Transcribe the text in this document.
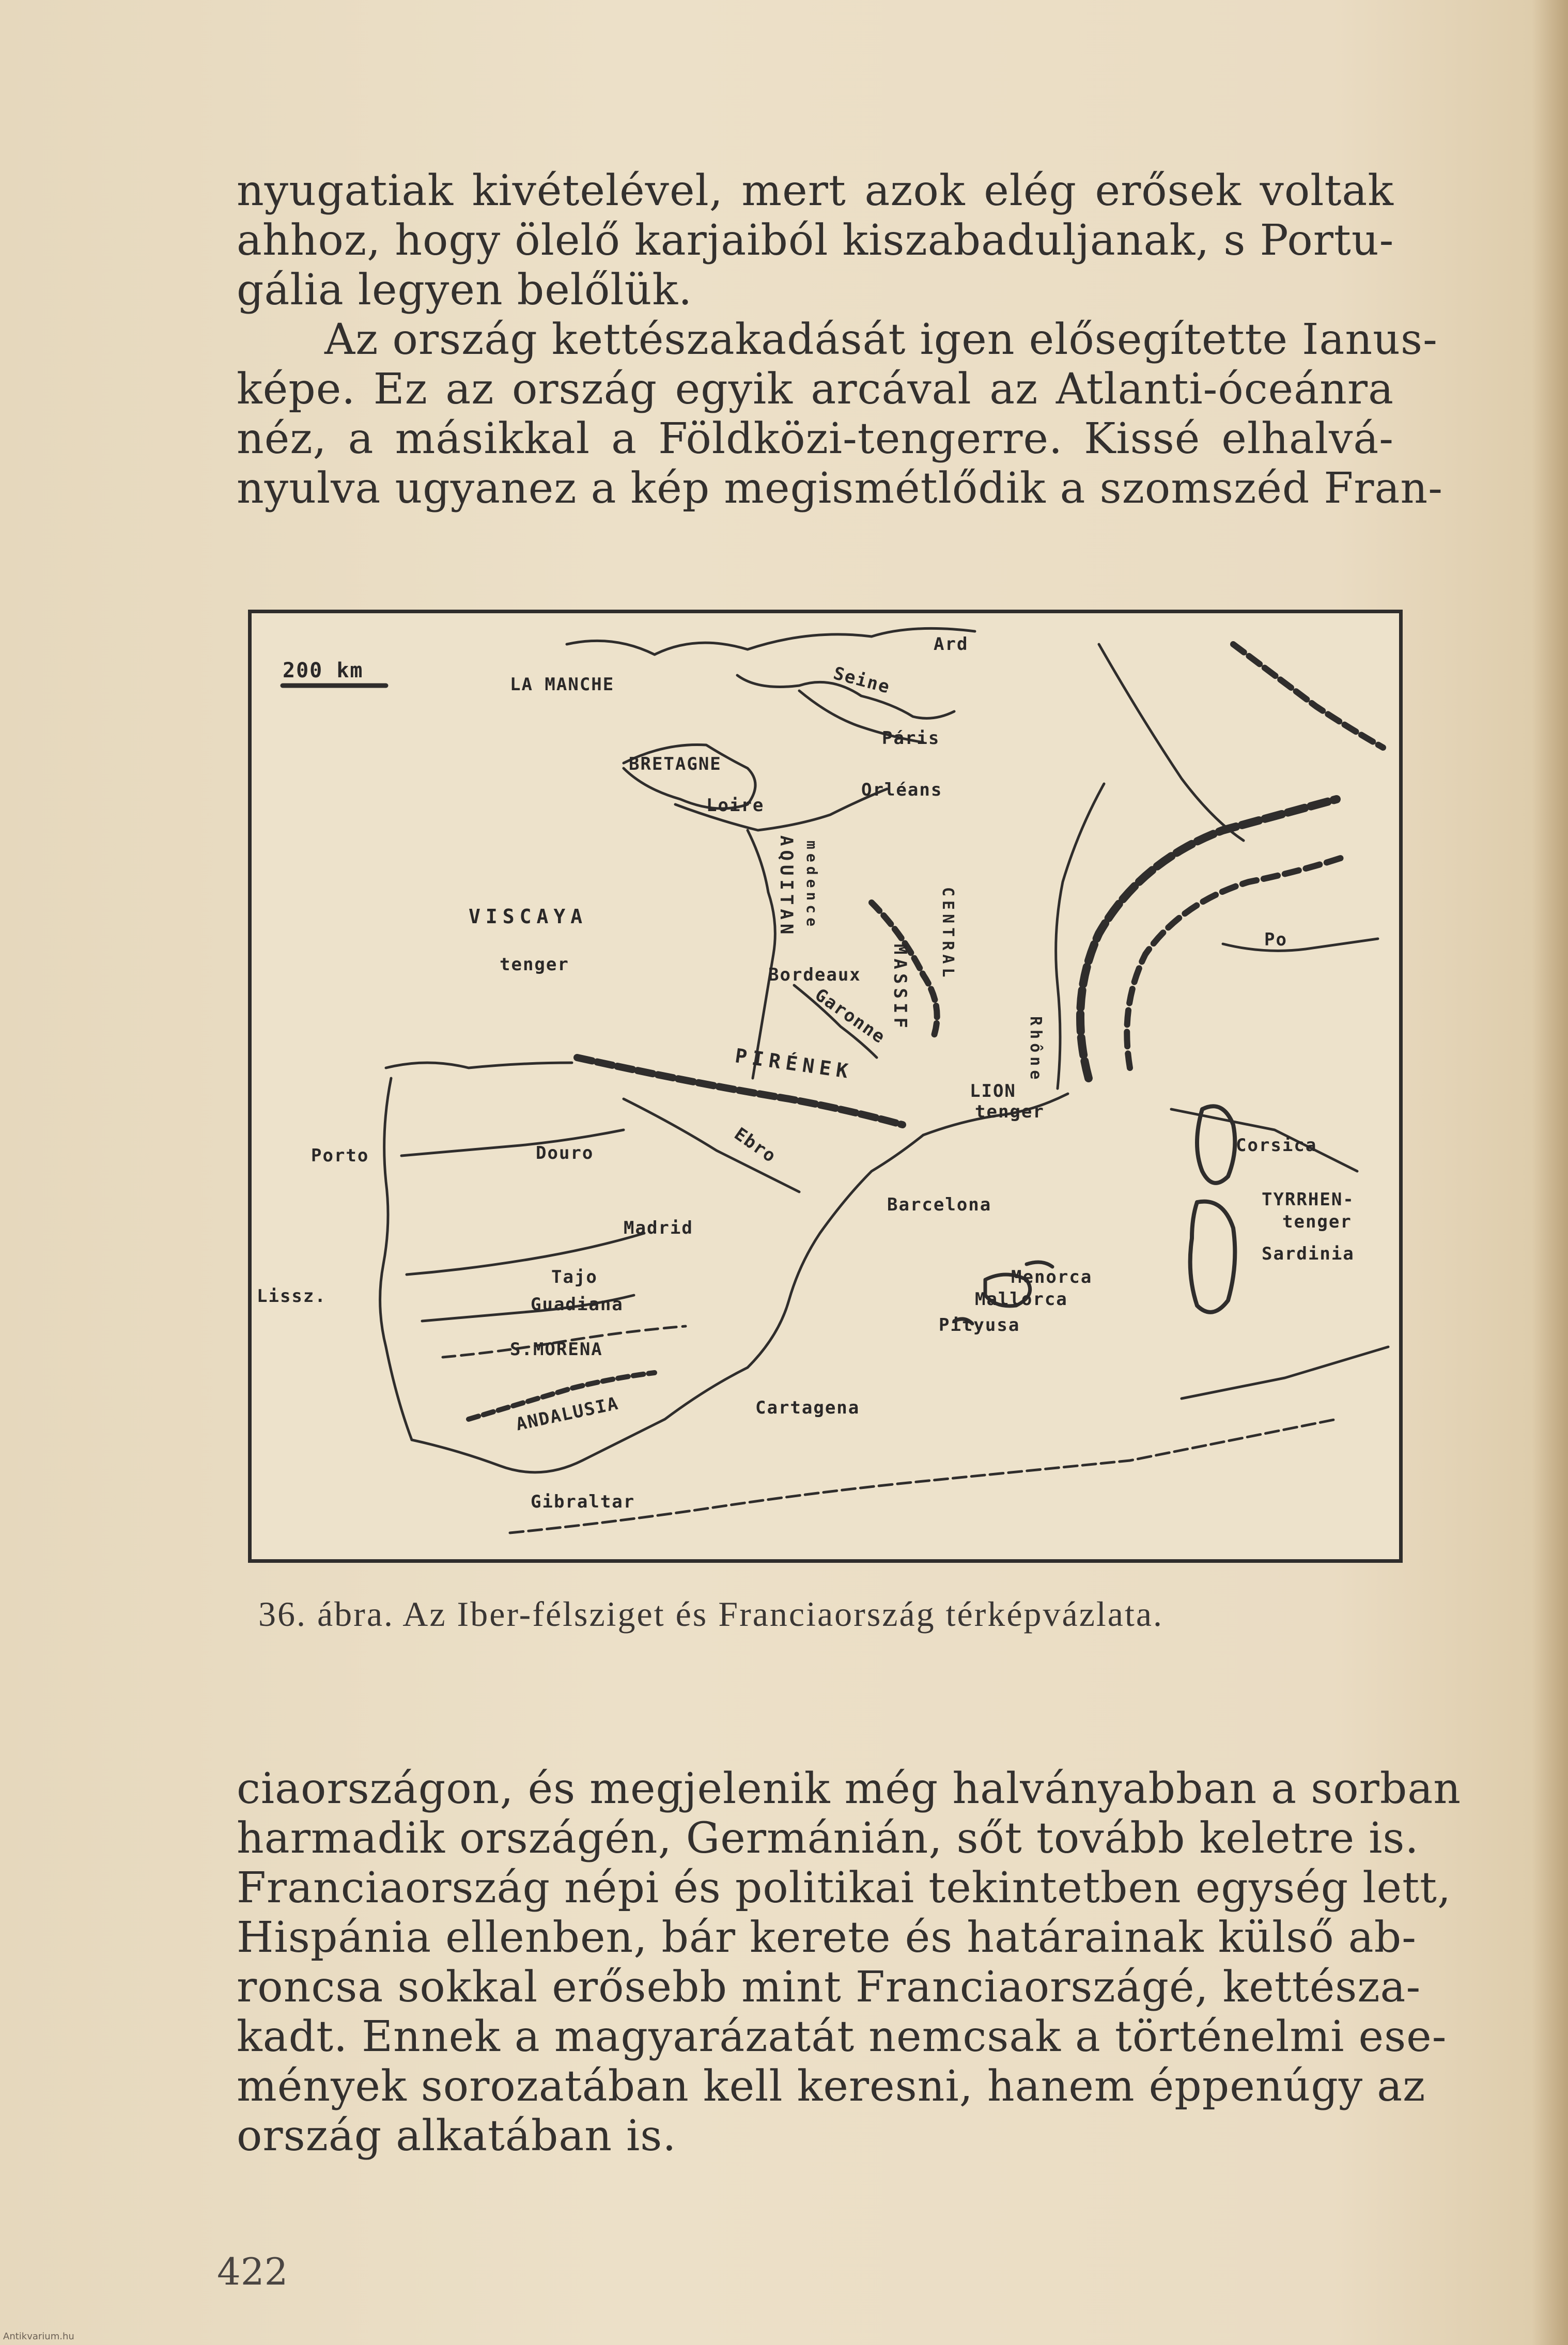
nyugatiak kivételével, mert azok elég erősek voltak
ahhoz, hogy ölelő karjaiból kiszabaduljanak, s Portu-
gália legyen belőlük.
Az ország kettészakadását igen elősegítette Ianus-
képe. Ez az ország egyik arcával az Atlanti-óceánra
néz, a másikkal a Földközi-tengerre. Kissé elhalvá-
nyulva ugyanez a kép megismétlődik a szomszéd Fran-
200 km
LA MANCHE
Ard
Seine
Páris
BRETAGNE
Loire
Orléans
VISCAYA
tenger
AQUITAN medence
Bordeaux
Garonne MASSIF
CENTRAL
Rhône
Po
PIRÉNEK
LION
tenger
Porto	Douro	Ebro
Madrid
Barcelona
Corsica
TYRRHEN-
tenger
Sardinia
Lissz.
Tajo
Guadiana
Menorca
Mallorca
Pityusa
S.MORENA
ANDALUSIA	Cartagena
Gibraltar
36. ábra. Az Iber-félsziget és Franciaország térképvázlata.
ciaországon, és megjelenik még halványabban a sorban
harmadik országén, Germánián, sőt tovább keletre is.
Franciaország népi és politikai tekintetben egység lett,
Hispánia ellenben, bár kerete és határainak külső ab-
roncsa sokkal erősebb mint Franciaországé, kettésza-
kadt. Ennek a magyarázatát nemcsak a történelmi ese-
mények sorozatában kell keresni, hanem éppenúgy az
ország alkatában is.
422
Antikvarium.hu
